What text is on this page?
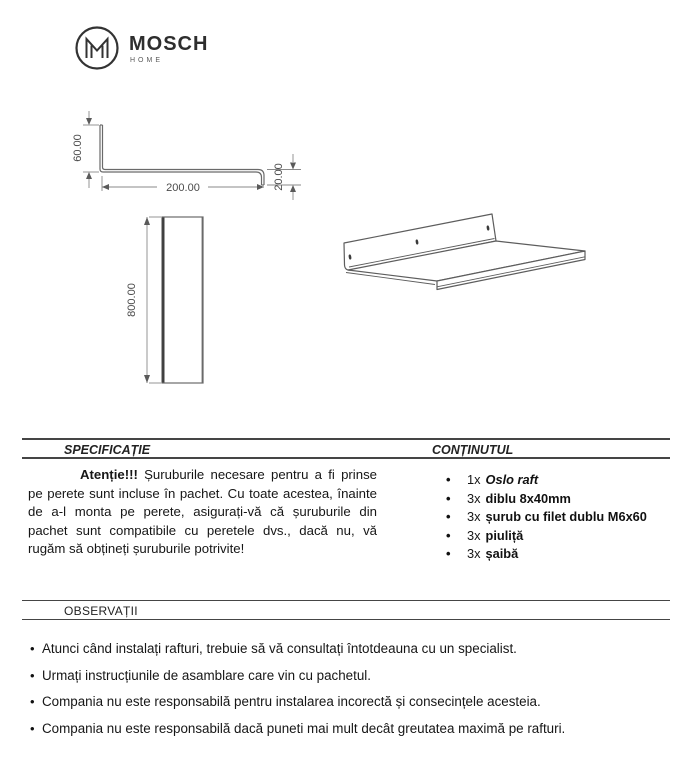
MOSCH
HOME
60.00
200.00	20.00
800.00
SPECIFICAȚIE	CONȚINUTUL

Atenție!!! Șuruburile necesare pentru a fi prinse pe perete sunt incluse în pachet. Cu toate acestea, înainte de a-l monta pe perete, asigurați-vă că șuruburile din pachet sunt compatibile cu peretele dvs., dacă nu, vă rugăm să obțineți șuruburile potrivite!

•	1x Oslo raft
•	3x diblu 8x40mm
•	3x șurub cu filet dublu M6x60
•	3x piuliță
•	3x șaibă
OBSERVAȚII
• Atunci când instalați rafturi, trebuie să vă consultați întotdeauna cu un specialist.
• Urmați instrucțiunile de asamblare care vin cu pachetul.
• Compania nu este responsabilă pentru instalarea incorectă și consecințele acesteia.
• Compania nu este responsabilă dacă puneti mai mult decât greutatea maximă pe rafturi.
